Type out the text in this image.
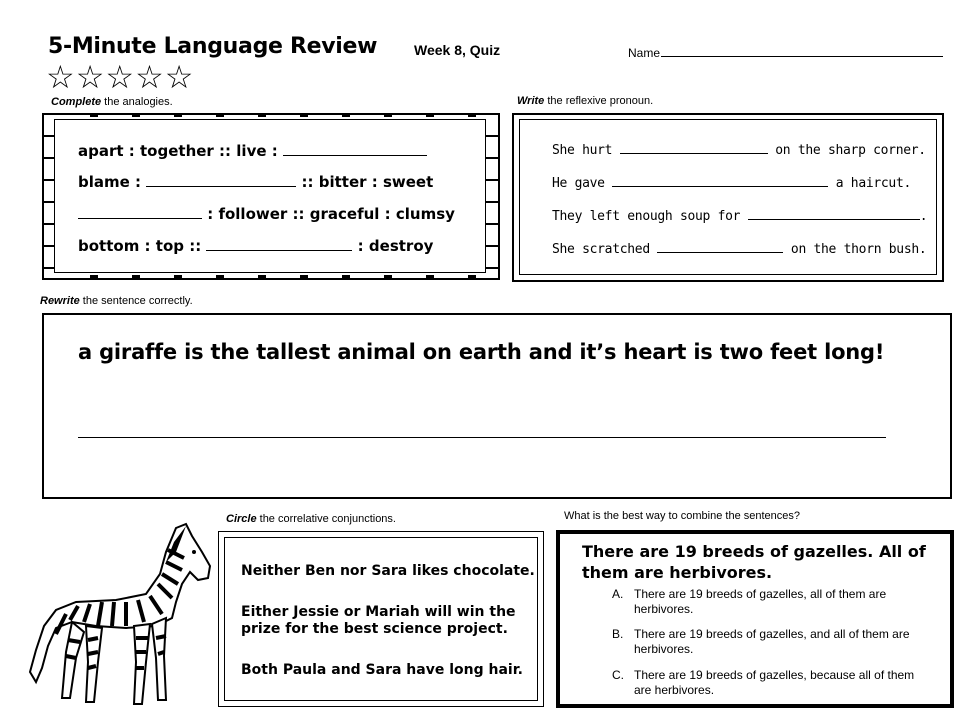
5-Minute Language Review	Week 8, Quiz	Name
☆☆☆☆☆
Complete the analogies.
apart : together :: live :
blame :	:: bitter : sweet
: follower :: graceful : clumsy
bottom : top ::	: destroy
Write the reflexive pronoun.
She hurt	on the sharp corner.
He gave	a haircut.
They left enough soup for	.
She scratched	on the thorn bush.
Rewrite the sentence correctly.
a giraffe is the tallest animal on earth and it’s heart is two feet long!
Circle the correlative conjunctions.
Neither Ben nor Sara likes chocolate.
Either Jessie or Mariah will win the prize for the best science project.
Both Paula and Sara have long hair.
What is the best way to combine the sentences?
There are 19 breeds of gazelles. All of them are herbivores.
A. There are 19 breeds of gazelles, all of them are herbivores.
B. There are 19 breeds of gazelles, and all of them are herbivores.
C. There are 19 breeds of gazelles, because all of them are herbivores.
